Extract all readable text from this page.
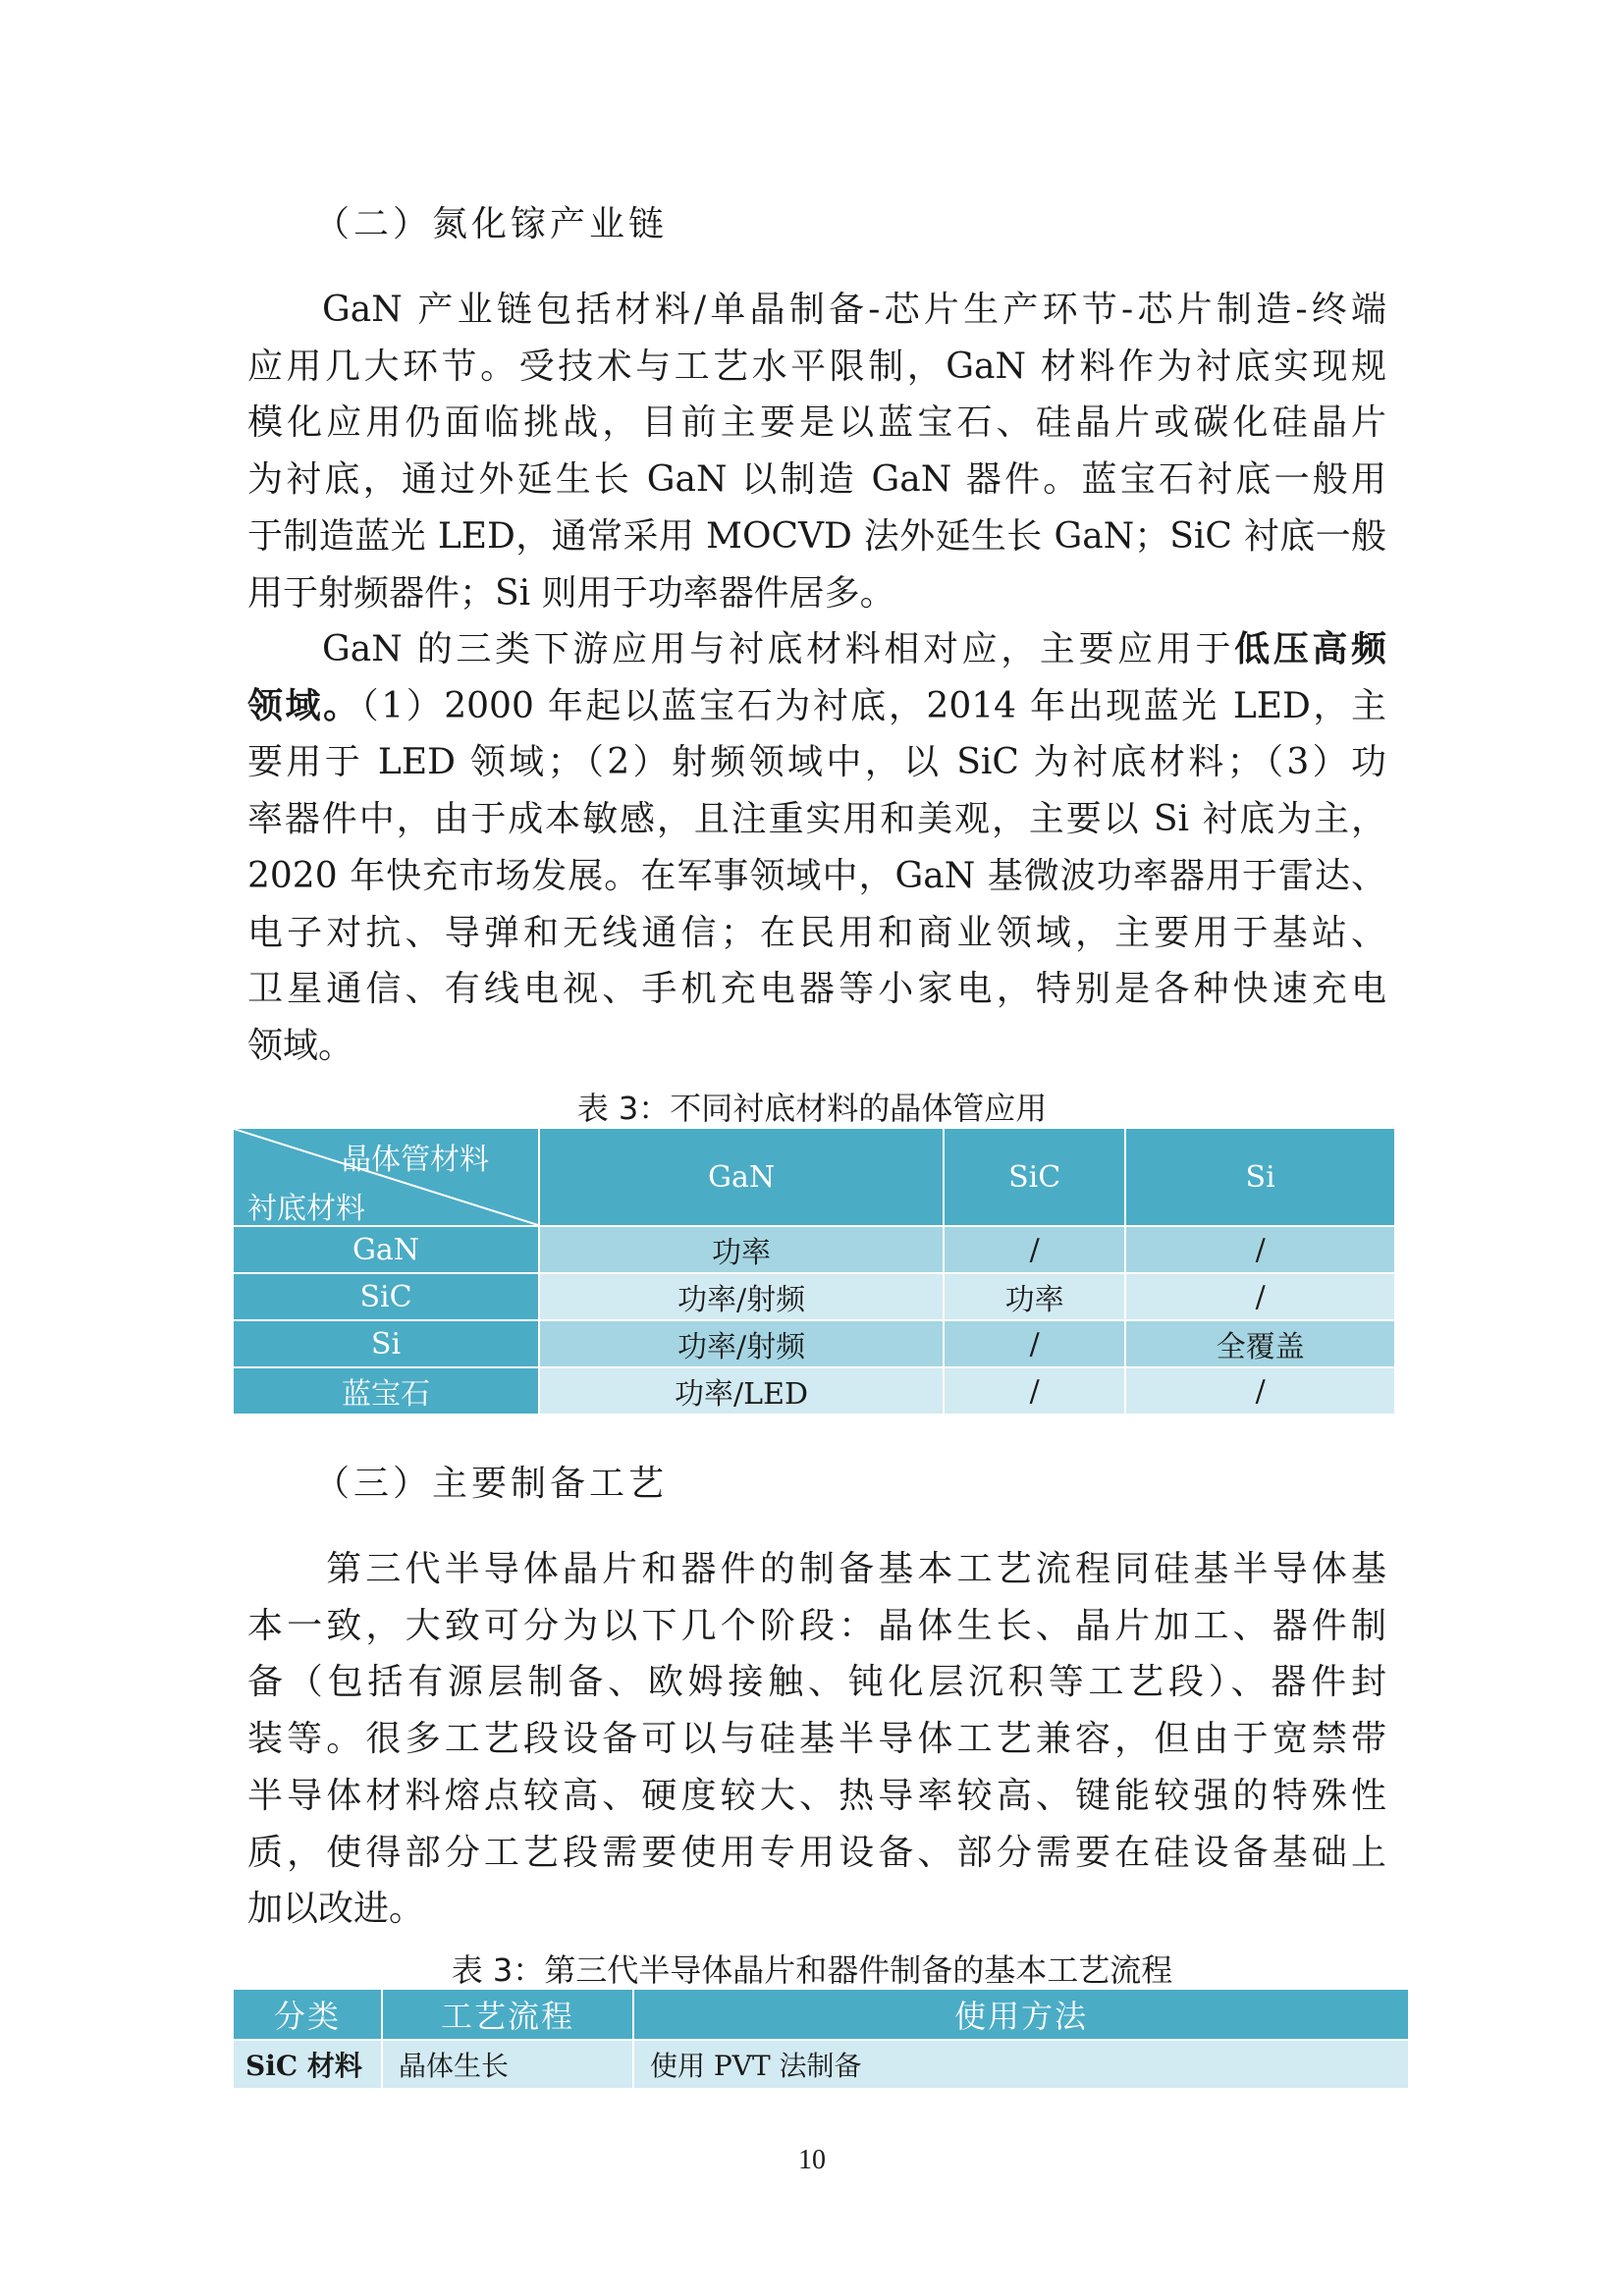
（二）氮化镓产业链
GaN 产业链包括材料/单晶制备-芯片生产环节-芯片制造-终端
应用几大环节。受技术与工艺水平限制，GaN 材料作为衬底实现规
模化应用仍面临挑战，目前主要是以蓝宝石、硅晶片或碳化硅晶片
为衬底，通过外延生长 GaN 以制造 GaN 器件。蓝宝石衬底一般用
于制造蓝光 LED，通常采用 MOCVD 法外延生长 GaN；SiC 衬底一般
用于射频器件；Si 则用于功率器件居多。
GaN 的三类下游应用与衬底材料相对应，主要应用于低压高频
领域。（1）2000 年起以蓝宝石为衬底，2014 年出现蓝光 LED，主
要用于 LED 领域；（2）射频领域中，以 SiC 为衬底材料；（3）功
率器件中，由于成本敏感，且注重实用和美观，主要以 Si 衬底为主，
2020 年快充市场发展。在军事领域中，GaN 基微波功率器用于雷达、
电子对抗、导弹和无线通信；在民用和商业领域，主要用于基站、
卫星通信、有线电视、手机充电器等小家电，特别是各种快速充电
领域。
表 3：不同衬底材料的晶体管应用
晶体管材料
衬底材料	GaN	SiC	Si
GaN	功率	/	/
SiC	功率/射频	功率	/
Si	功率/射频	/	全覆盖
蓝宝石	功率/LED	/	/
（三）主要制备工艺
第三代半导体晶片和器件的制备基本工艺流程同硅基半导体基
本一致，大致可分为以下几个阶段：晶体生长、晶片加工、器件制
备（包括有源层制备、欧姆接触、钝化层沉积等工艺段）、器件封
装等。很多工艺段设备可以与硅基半导体工艺兼容，但由于宽禁带
半导体材料熔点较高、硬度较大、热导率较高、键能较强的特殊性
质，使得部分工艺段需要使用专用设备、部分需要在硅设备基础上
加以改进。
表 3：第三代半导体晶片和器件制备的基本工艺流程
分类	工艺流程	使用方法
SiC 材料	晶体生长	使用 PVT 法制备
10
